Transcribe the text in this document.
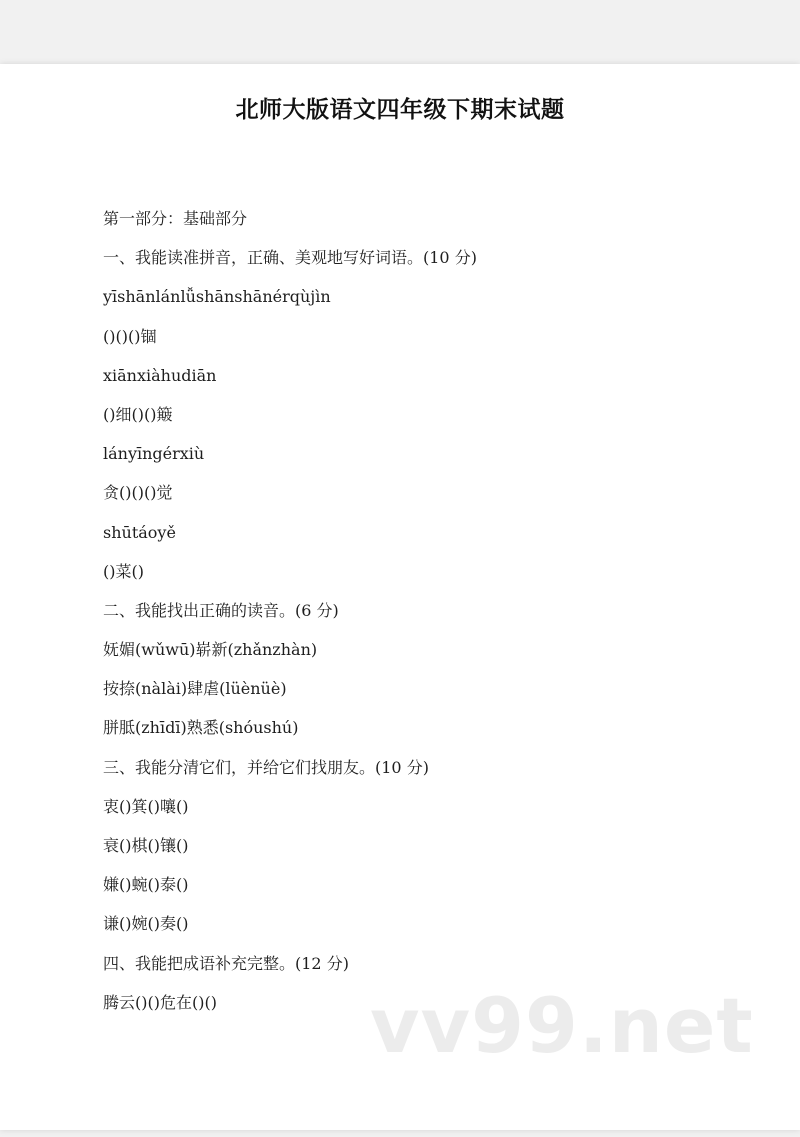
北师大版语文四年级下期末试题
第一部分：基础部分
一、我能读准拼音，正确、美观地写好词语。(10 分)
yīshānlánlǚshānshānérqùjìn
()()()锢
xiānxiàhudiān
()细()()簸
lányīngérxiù
贪()()()觉
shūtáoyě
()菜()
二、我能找出正确的读音。(6 分)
妩媚(wǔwū)崭新(zhǎnzhàn)
按捺(nàlài)肆虐(lüènüè)
胼胝(zhīdī)熟悉(shóushú)
三、我能分清它们，并给它们找朋友。(10 分)
衷()箕()嚷()
衰()棋()镶()
嫌()蜿()泰()
谦()婉()奏()
四、我能把成语补充完整。(12 分)
腾云()()危在()()	vv99.net
